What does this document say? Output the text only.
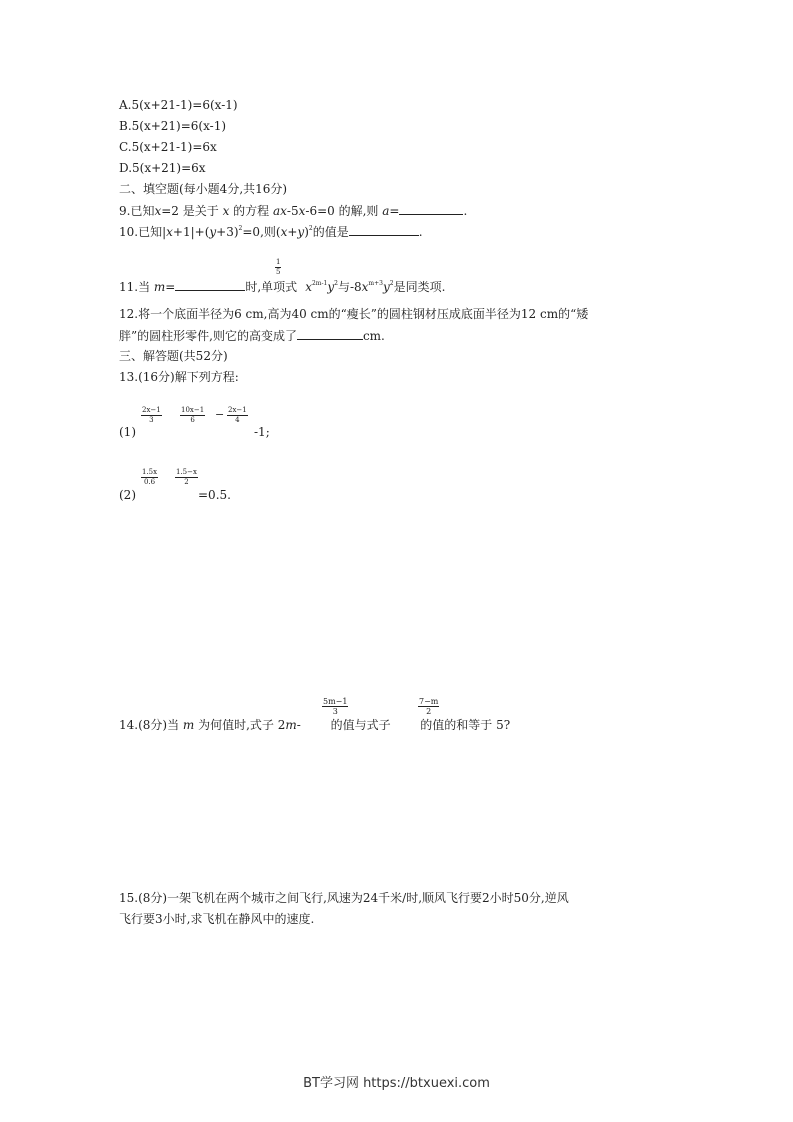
A.5(x+21-1)=6(x-1)
B.5(x+21)=6(x-1)
C.5(x+21-1)=6x
D.5(x+21)=6x
二、填空题(每小题4分,共16分)
9.已知x=2 是关于 x 的方程 ax-5x-6=0 的解,则 a=	.
10.已知$|x+1|+(y+3)^2=0$,则$(x+y)^2$的值是	.
$\frac{1}{5}$
11.当 m=	时,单项式 $x^{2m-1}y^2$与$-8x^{m+3}y^2$是同类项.
12.将一个底面半径为6 cm,高为40 cm的“瘦长”的圆柱钢材压成底面半径为12 cm的“矮
胖”的圆柱形零件,则它的高变成了	cm.
三、解答题(共52分)
13.(16分)解下列方程:
$\frac{2x-1}{3}$	$\frac{10x-1}{6} - \frac{2x-1}{4}$
(1)	-1;
$\frac{1.5x}{0.6} \frac{1.5-x}{2}$
(2)	=0.5.
$\frac{5m-1}{3}$	$\frac{7-m}{2}$
14.(8分)当 m 为何值时,式子 2m- 的值与式子  的值的和等于 5?
15.(8分)一架飞机在两个城市之间飞行,风速为24千米/时,顺风飞行要2小时50分,逆风
飞行要3小时,求飞机在静风中的速度.
BT学习网 https://btxuexi.com
